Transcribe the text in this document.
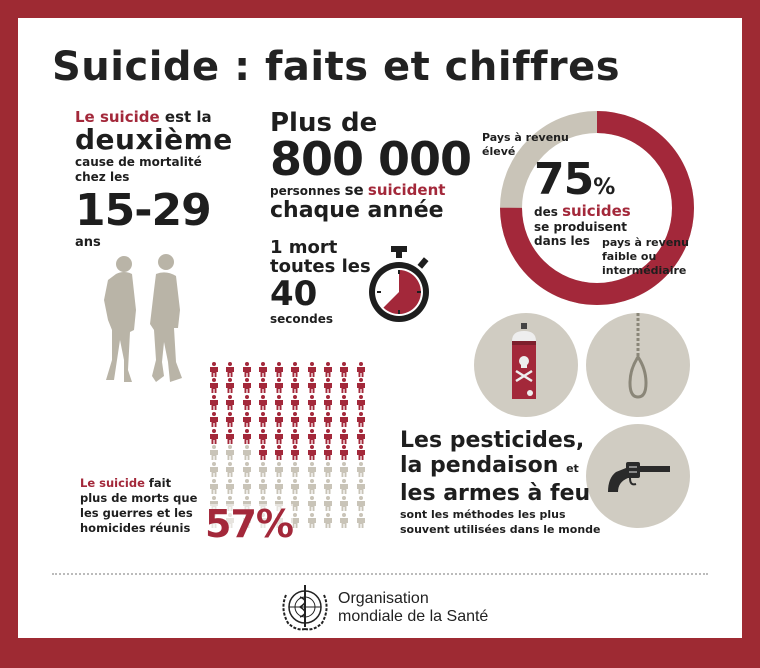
Suicide : faits et chiffres
Le suicide est la
deuxième
cause de mortalité
chez les
15-29
ans
Plus de
800 000
personnes se suicident
chaque année
1 mort
toutes les
40
secondes
Pays à revenu élevé
75%
des suicides
se produisent
dans les	pays à revenu faible ou intermédiaire
Le suicide fait
plus de morts que
les guerres et les
homicides réunis 57%
Les pesticides,
la pendaison et
les armes à feu
sont les méthodes les plus
souvent utilisées dans le monde
Organisation
mondiale de la Santé
